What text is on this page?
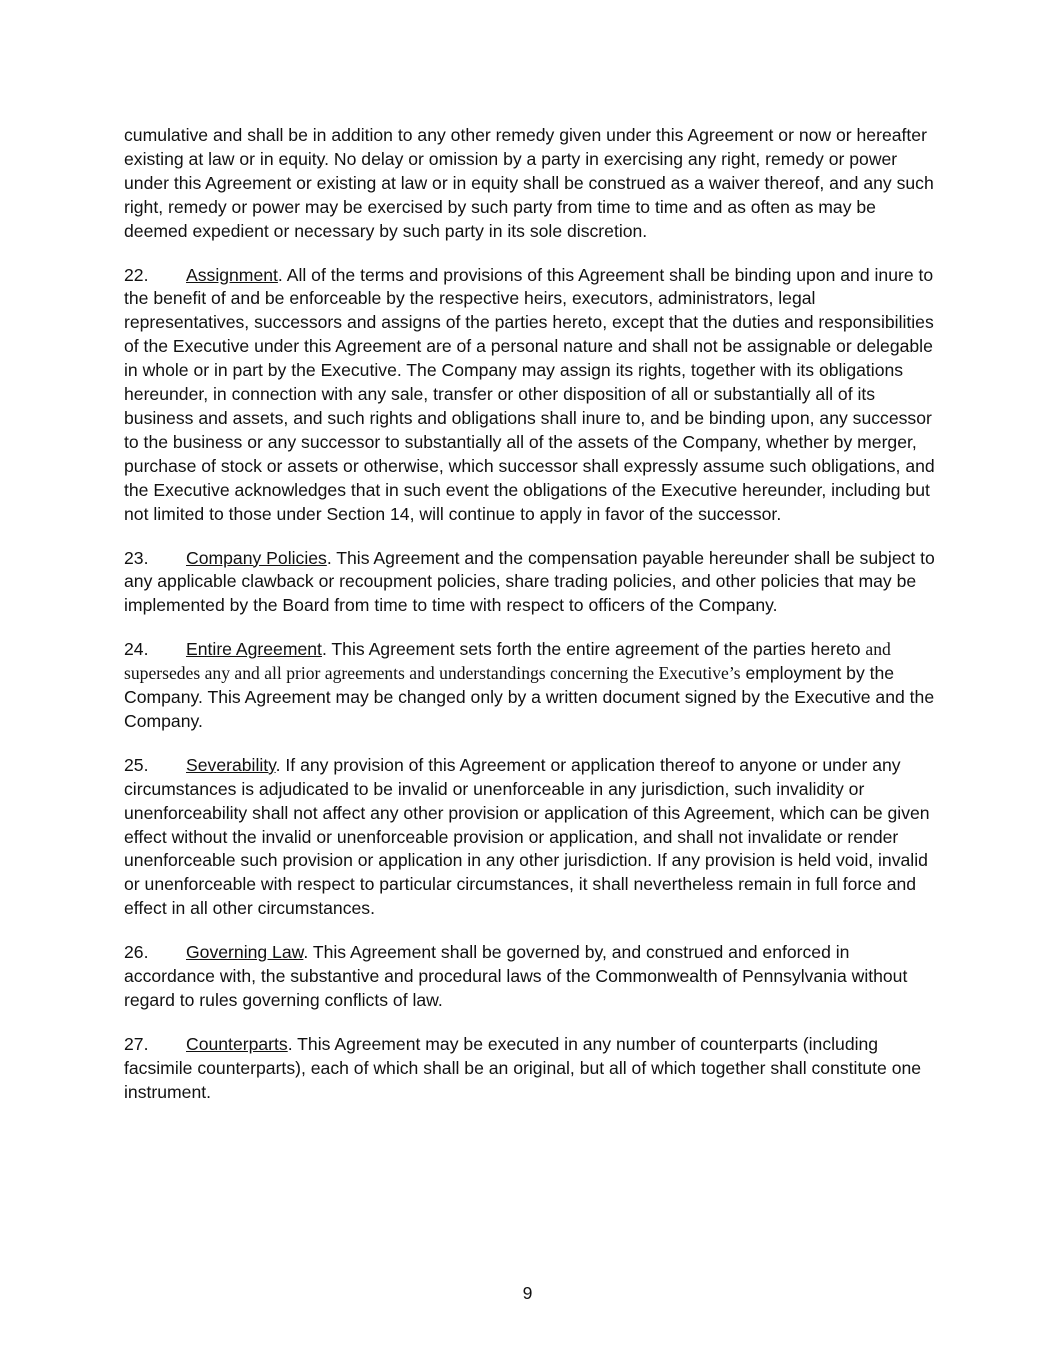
cumulative and shall be in addition to any other remedy given under this Agreement or now or hereafter existing at law or in equity. No delay or omission by a party in exercising any right, remedy or power under this Agreement or existing at law or in equity shall be construed as a waiver thereof, and any such right, remedy or power may be exercised by such party from time to time and as often as may be deemed expedient or necessary by such party in its sole discretion.

22. Assignment. All of the terms and provisions of this Agreement shall be binding upon and inure to the benefit of and be enforceable by the respective heirs, executors, administrators, legal representatives, successors and assigns of the parties hereto, except that the duties and responsibilities of the Executive under this Agreement are of a personal nature and shall not be assignable or delegable in whole or in part by the Executive. The Company may assign its rights, together with its obligations hereunder, in connection with any sale, transfer or other disposition of all or substantially all of its business and assets, and such rights and obligations shall inure to, and be binding upon, any successor to the business or any successor to substantially all of the assets of the Company, whether by merger, purchase of stock or assets or otherwise, which successor shall expressly assume such obligations, and the Executive acknowledges that in such event the obligations of the Executive hereunder, including but not limited to those under Section 14, will continue to apply in favor of the successor.

23. Company Policies. This Agreement and the compensation payable hereunder shall be subject to any applicable clawback or recoupment policies, share trading policies, and other policies that may be implemented by the Board from time to time with respect to officers of the Company.

24. Entire Agreement. This Agreement sets forth the entire agreement of the parties hereto and supersedes any and all prior agreements and understandings concerning the Executive’s employment by the Company. This Agreement may be changed only by a written document signed by the Executive and the Company.

25. Severability. If any provision of this Agreement or application thereof to anyone or under any circumstances is adjudicated to be invalid or unenforceable in any jurisdiction, such invalidity or unenforceability shall not affect any other provision or application of this Agreement, which can be given effect without the invalid or unenforceable provision or application, and shall not invalidate or render unenforceable such provision or application in any other jurisdiction. If any provision is held void, invalid or unenforceable with respect to particular circumstances, it shall nevertheless remain in full force and effect in all other circumstances.

26. Governing Law. This Agreement shall be governed by, and construed and enforced in accordance with, the substantive and procedural laws of the Commonwealth of Pennsylvania without regard to rules governing conflicts of law.

27. Counterparts. This Agreement may be executed in any number of counterparts (including facsimile counterparts), each of which shall be an original, but all of which together shall constitute one instrument.

9
